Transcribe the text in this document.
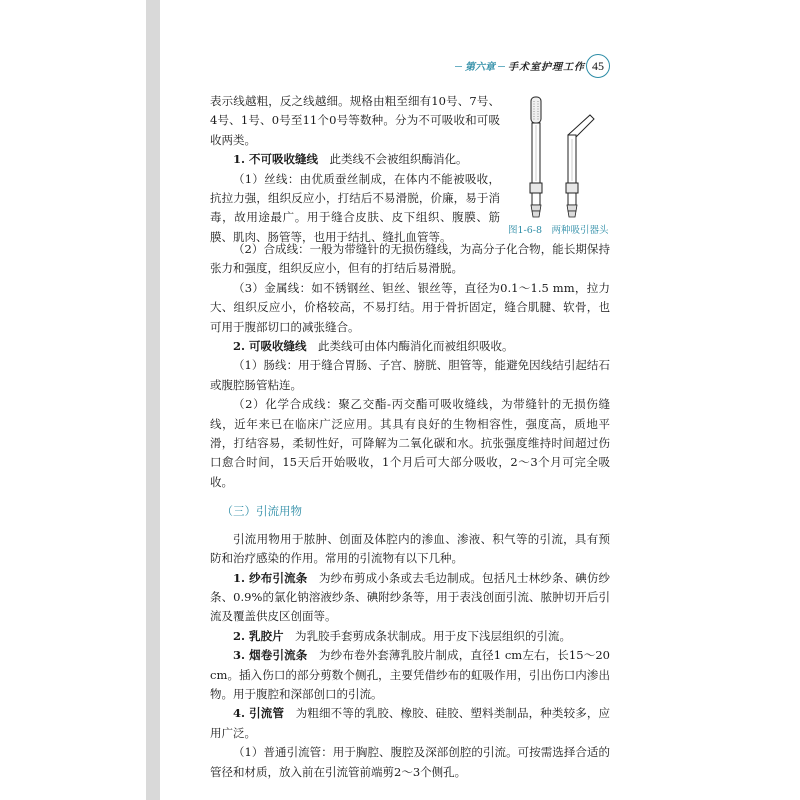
第六章	手术室护理工作 45
图1-6-8　两种吸引器头

表示线越粗，反之线越细。规格由粗至细有10号、7号、4号、1号、0号至11个0号等数种。分为不可吸收和可吸收两类。

1. 不可吸收缝线　此类线不会被组织酶消化。

（1）丝线：由优质蚕丝制成，在体内不能被吸收，抗拉力强，组织反应小，打结后不易滑脱，价廉，易于消毒，故用途最广。用于缝合皮肤、皮下组织、腹膜、筋膜、肌肉、肠管等，也用于结扎、缝扎血管等。

（2）合成线：一般为带缝针的无损伤缝线，为高分子化合物，能长期保持张力和强度，组织反应小，但有的打结后易滑脱。

（3）金属线：如不锈钢丝、钽丝、银丝等，直径为0.1～1.5 mm，拉力大、组织反应小，价格较高，不易打结。用于骨折固定，缝合肌腱、软骨，也可用于腹部切口的减张缝合。

2. 可吸收缝线　此类线可由体内酶消化而被组织吸收。

（1）肠线：用于缝合胃肠、子宫、膀胱、胆管等，能避免因线结引起结石或腹腔肠管粘连。

（2）化学合成线：聚乙交酯-丙交酯可吸收缝线，为带缝针的无损伤缝线，近年来已在临床广泛应用。其具有良好的生物相容性，强度高，质地平滑，打结容易，柔韧性好，可降解为二氧化碳和水。抗张强度维持时间超过伤口愈合时间，15天后开始吸收，1个月后可大部分吸收，2～3个月可完全吸收。

（三）引流用物

引流用物用于脓肿、创面及体腔内的渗血、渗液、积气等的引流，具有预防和治疗感染的作用。常用的引流物有以下几种。

1. 纱布引流条　为纱布剪成小条或去毛边制成。包括凡士林纱条、碘仿纱条、0.9%的氯化钠溶液纱条、碘附纱条等，用于表浅创面引流、脓肿切开后引流及覆盖供皮区创面等。

2. 乳胶片　为乳胶手套剪成条状制成。用于皮下浅层组织的引流。

3. 烟卷引流条　为纱布卷外套薄乳胶片制成，直径1 cm左右，长15～20 cm。插入伤口的部分剪数个侧孔，主要凭借纱布的虹吸作用，引出伤口内渗出物。用于腹腔和深部创口的引流。

4. 引流管　为粗细不等的乳胶、橡胶、硅胶、塑料类制品，种类较多，应用广泛。

（1）普通引流管：用于胸腔、腹腔及深部创腔的引流。可按需选择合适的管径和材质，放入前在引流管前端剪2～3个侧孔。
